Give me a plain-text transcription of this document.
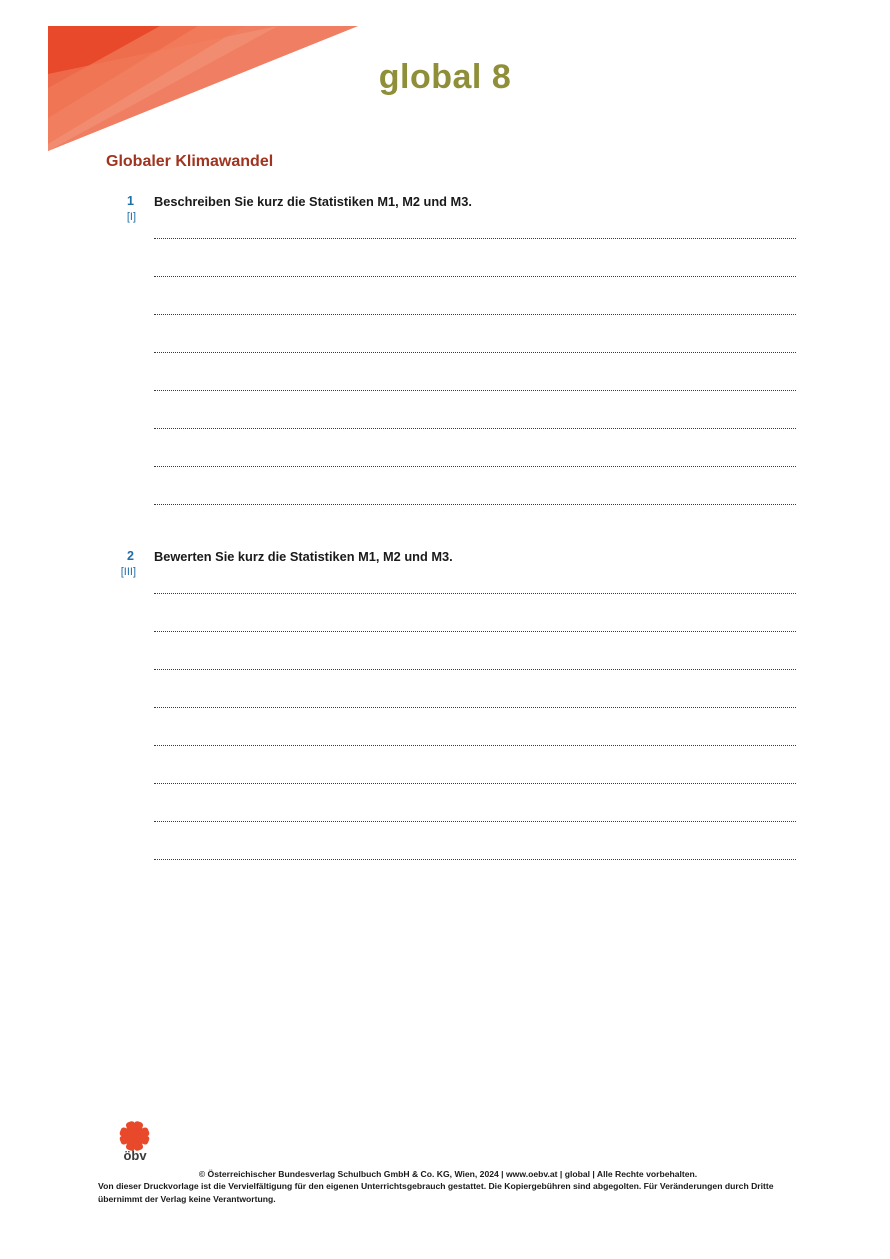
global 8
Globaler Klimawandel
1
[I]
Beschreiben Sie kurz die Statistiken M1, M2 und M3.
2
[III]
Bewerten Sie kurz die Statistiken M1, M2 und M3.
öbv
© Österreichischer Bundesverlag Schulbuch GmbH & Co. KG, Wien, 2024 | www.oebv.at | global | Alle Rechte vorbehalten.
Von dieser Druckvorlage ist die Vervielfältigung für den eigenen Unterrichtsgebrauch gestattet. Die Kopiergebühren sind abgegolten. Für Veränderungen durch Dritte übernimmt der Verlag keine Verantwortung.
